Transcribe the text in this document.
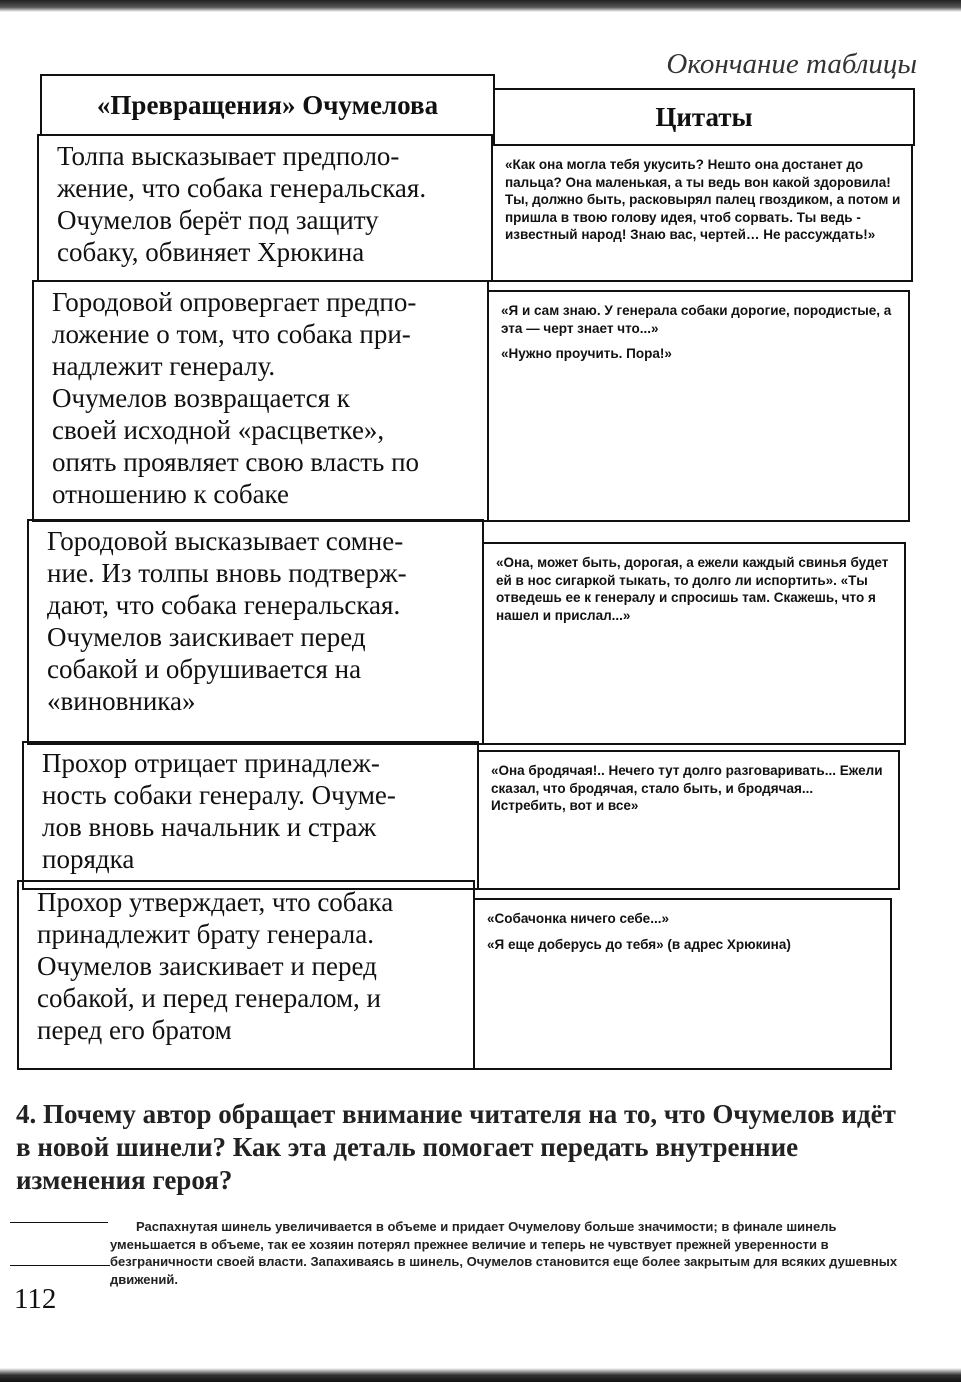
Окончание таблицы
«Превращения» Очумелова	Цитаты
Толпа высказывает предполо-
жение, что собака генеральская.
Очумелов берёт под защиту
собаку, обвиняет Хрюкина

«Как она могла тебя укусить? Нешто она достанет до пальца? Она маленькая, а ты ведь вон какой здоровила! Ты, должно быть, расковырял палец гвоздиком, а потом и пришла в твою голову идея, чтоб сорвать. Ты ведь - известный народ! Знаю вас, чертей… Не рассуждать!»

Городовой опровергает предпо-
ложение о том, что собака при-
надлежит генералу.
Очумелов возвращается к
своей исходной «расцветке»,
опять проявляет свою власть по
отношению к собаке

«Я и сам знаю. У генерала собаки дорогие, породистые, а эта — черт знает что...»

«Нужно проучить. Пора!»

Городовой высказывает сомне-
ние. Из толпы вновь подтверж-
дают, что собака генеральская.
Очумелов заискивает перед
собакой и обрушивается на
«виновника»

«Она, может быть, дорогая, а ежели каждый свинья будет ей в нос сигаркой тыкать, то долго ли испортить». «Ты отведешь ее к генералу и спросишь там. Скажешь, что я нашел и прислал...»

Прохор отрицает принадлеж-
ность собаки генералу. Очуме-
лов вновь начальник и страж
порядка

«Она бродячая!.. Нечего тут долго разговаривать... Ежели сказал, что бродячая, стало быть, и бродячая... Истребить, вот и все»

Прохор утверждает, что собака
принадлежит брату генерала.
Очумелов заискивает и перед
собакой, и перед генералом, и
перед его братом

«Собачонка ничего себе...»

«Я еще доберусь до тебя» (в адрес Хрюкина)

4. Почему автор обращает внимание читателя на то, что Очумелов идёт в новой шинели? Как эта деталь помогает передать внутренние изменения героя?
Распахнутая шинель увеличивается в объеме и придает Очумелову больше значимости; в финале шинель уменьшается в объеме, так ее хозяин потерял прежнее величие и теперь не чувствует прежней уверенности в безграничности своей власти. Запахиваясь в шинель, Очумелов становится еще более закрытым для всяких душевных движений.
112
